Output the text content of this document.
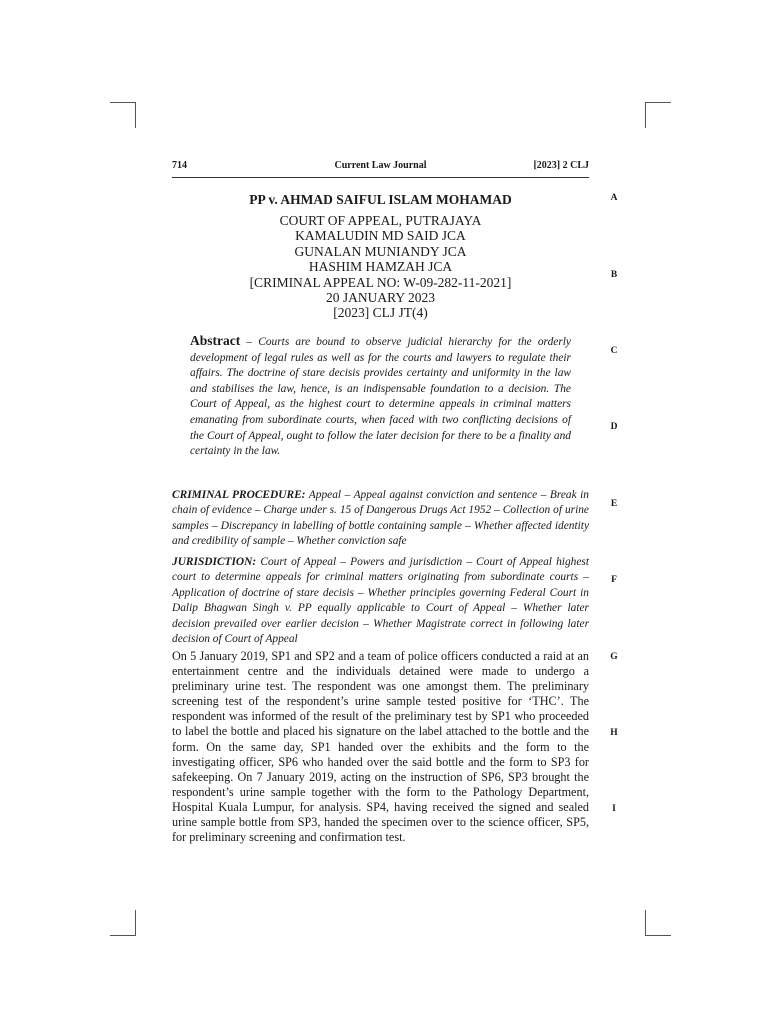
714	Current Law Journal	[2023] 2 CLJ
PP v. AHMAD SAIFUL ISLAM MOHAMAD
COURT OF APPEAL, PUTRAJAYA
KAMALUDIN MD SAID JCA
GUNALAN MUNIANDY JCA
HASHIM HAMZAH JCA
[CRIMINAL APPEAL NO: W-09-282-11-2021]
20 JANUARY 2023
[2023] CLJ JT(4)
Abstract – Courts are bound to observe judicial hierarchy for the orderly development of legal rules as well as for the courts and lawyers to regulate their affairs. The doctrine of stare decisis provides certainty and uniformity in the law and stabilises the law, hence, is an indispensable foundation to a decision. The Court of Appeal, as the highest court to determine appeals in criminal matters emanating from subordinate courts, when faced with two conflicting decisions of the Court of Appeal, ought to follow the later decision for there to be a finality and certainty in the law.
CRIMINAL PROCEDURE: Appeal – Appeal against conviction and sentence – Break in chain of evidence – Charge under s. 15 of Dangerous Drugs Act 1952 – Collection of urine samples – Discrepancy in labelling of bottle containing sample – Whether affected identity and credibility of sample – Whether conviction safe
JURISDICTION: Court of Appeal – Powers and jurisdiction – Court of Appeal highest court to determine appeals for criminal matters originating from subordinate courts – Application of doctrine of stare decisis – Whether principles governing Federal Court in Dalip Bhagwan Singh v. PP equally applicable to Court of Appeal – Whether later decision prevailed over earlier decision – Whether Magistrate correct in following later decision of Court of Appeal
On 5 January 2019, SP1 and SP2 and a team of police officers conducted a raid at an entertainment centre and the individuals detained were made to undergo a preliminary urine test. The respondent was one amongst them. The preliminary screening test of the respondent’s urine sample tested positive for ‘THC’. The respondent was informed of the result of the preliminary test by SP1 who proceeded to label the bottle and placed his signature on the label attached to the bottle and the form. On the same day, SP1 handed over the exhibits and the form to the investigating officer, SP6 who handed over the said bottle and the form to SP3 for safekeeping. On 7 January 2019, acting on the instruction of SP6, SP3 brought the respondent’s urine sample together with the form to the Pathology Department, Hospital Kuala Lumpur, for analysis. SP4, having received the signed and sealed urine sample bottle from SP3, handed the specimen over to the science officer, SP5, for preliminary screening and confirmation test.
A
B
C
D
E
F
G
H
I
